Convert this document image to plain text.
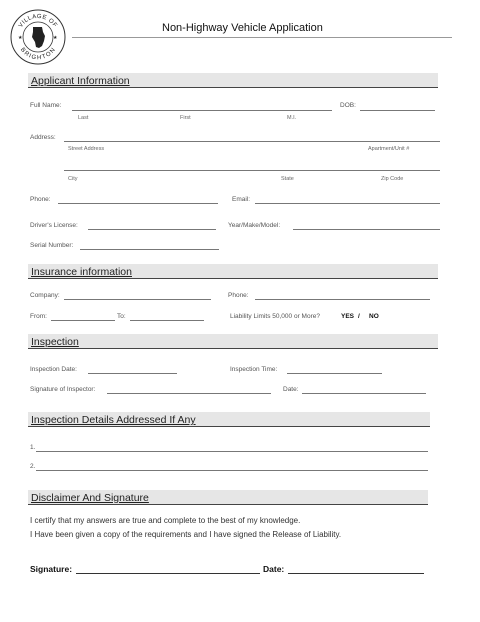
VILLAGE OF
BRIGHTON
★	★
Non-Highway Vehicle Application
Applicant Information
Full Name:	DOB:
Last	First	M.I.
Address:
Street Address	Apartment/Unit #
City	State	Zip Code
Phone:	Email:
Driver's License:	Year/Make/Model:
Serial Number:
Insurance information
Company:	Phone:
From:	To:	Liability Limits 50,000 or More?	YES / NO
Inspection
Inspection Date:	Inspection Time:
Signature of Inspector:	Date:
Inspection Details Addressed If Any
1.
2.
Disclaimer And Signature
I certify that my answers are true and complete to the best of my knowledge.
I Have been given a copy of the requirements and I have signed the Release of Liability.
Signature:	Date:
